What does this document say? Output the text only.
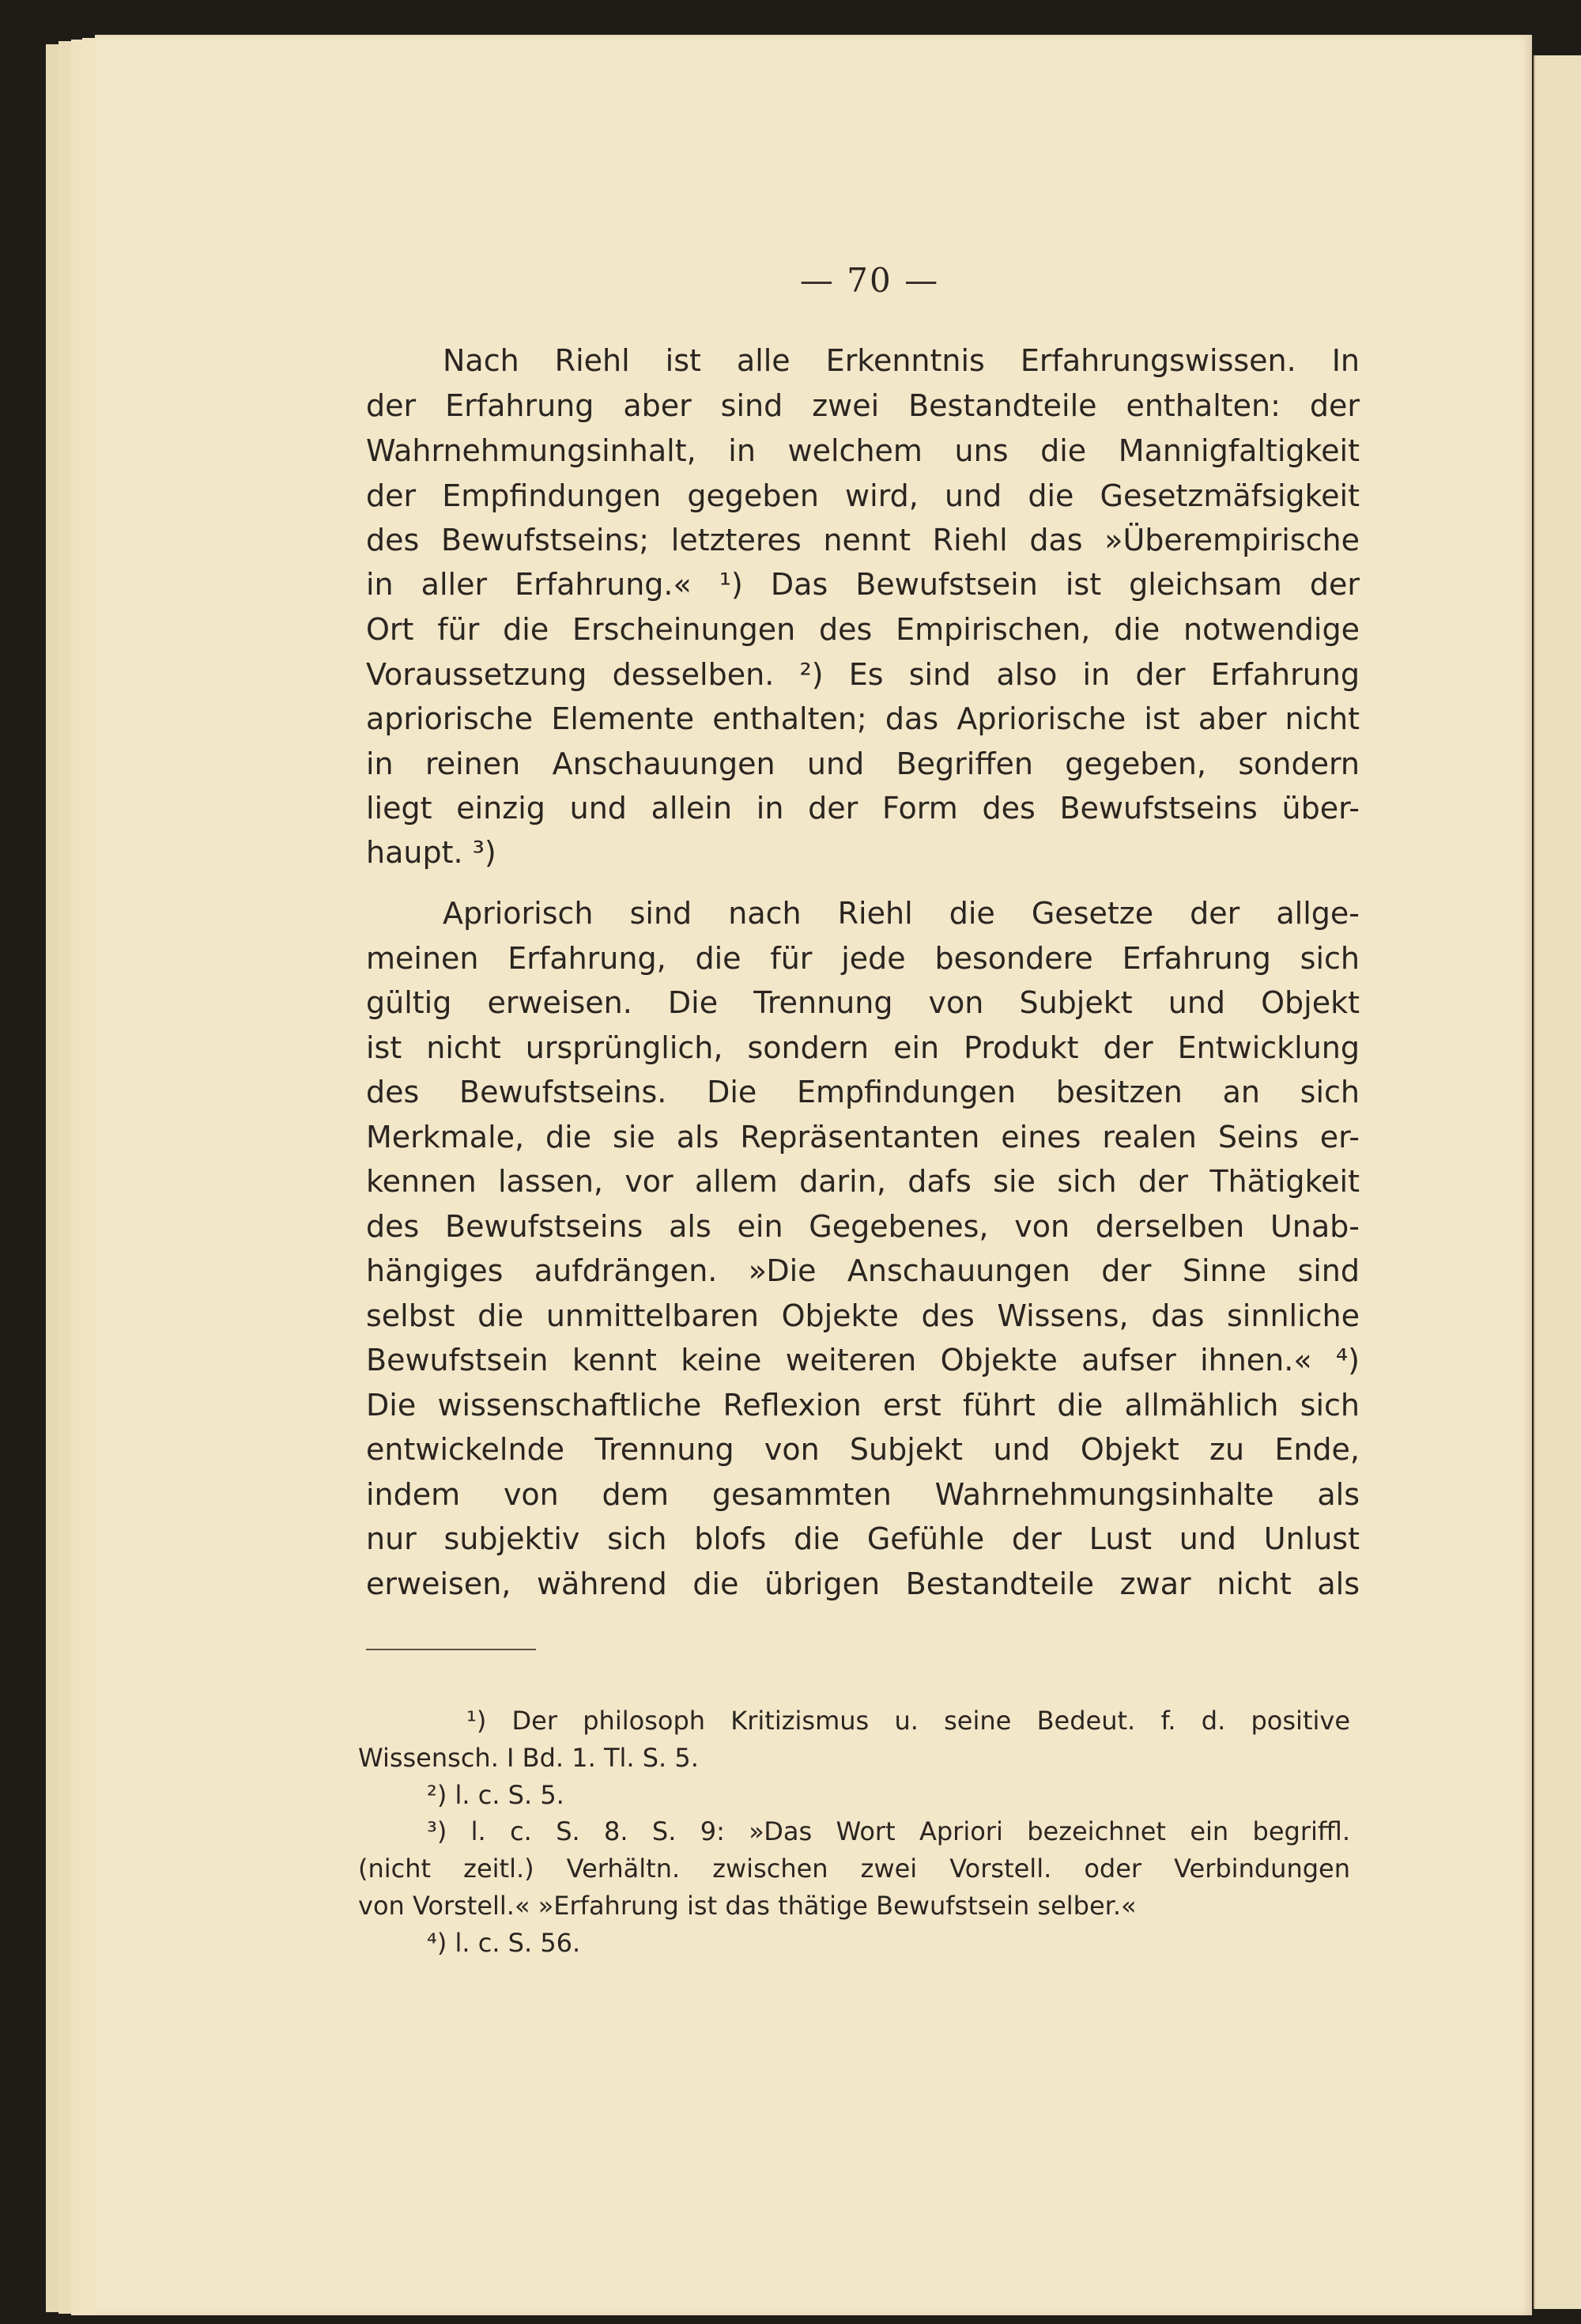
— 70 —
Nach Riehl ist alle Erkenntnis Erfahrungswissen. In
der Erfahrung aber sind zwei Bestandteile enthalten: der
Wahrnehmungsinhalt, in welchem uns die Mannigfaltigkeit
der Empfindungen gegeben wird, und die Gesetzmäfsigkeit
des Bewufstseins; letzteres nennt Riehl das »Überempirische
in aller Erfahrung.« ¹) Das Bewufstsein ist gleichsam der
Ort für die Erscheinungen des Empirischen, die notwendige
Voraussetzung desselben. ²) Es sind also in der Erfahrung
apriorische Elemente enthalten; das Apriorische ist aber nicht
in reinen Anschauungen und Begriffen gegeben, sondern
liegt einzig und allein in der Form des Bewufstseins über-
haupt. ³)
Apriorisch sind nach Riehl die Gesetze der allge-
meinen Erfahrung, die für jede besondere Erfahrung sich
gültig erweisen. Die Trennung von Subjekt und Objekt
ist nicht ursprünglich, sondern ein Produkt der Entwicklung
des Bewufstseins. Die Empfindungen besitzen an sich
Merkmale, die sie als Repräsentanten eines realen Seins er-
kennen lassen, vor allem darin, dafs sie sich der Thätigkeit
des Bewufstseins als ein Gegebenes, von derselben Unab-
hängiges aufdrängen. »Die Anschauungen der Sinne sind
selbst die unmittelbaren Objekte des Wissens, das sinnliche
Bewufstsein kennt keine weiteren Objekte aufser ihnen.« ⁴)
Die wissenschaftliche Reflexion erst führt die allmählich sich
entwickelnde Trennung von Subjekt und Objekt zu Ende,
indem von dem gesammten Wahrnehmungsinhalte als
nur subjektiv sich blofs die Gefühle der Lust und Unlust
erweisen, während die übrigen Bestandteile zwar nicht als
¹) Der philosoph Kritizismus u. seine Bedeut. f. d. positive
Wissensch. I Bd. 1. Tl. S. 5.
²) l. c. S. 5.
³) l. c. S. 8. S. 9: »Das Wort Apriori bezeichnet ein begriffl.
(nicht zeitl.) Verhältn. zwischen zwei Vorstell. oder Verbindungen
von Vorstell.« »Erfahrung ist das thätige Bewufstsein selber.«
⁴) l. c. S. 56.
